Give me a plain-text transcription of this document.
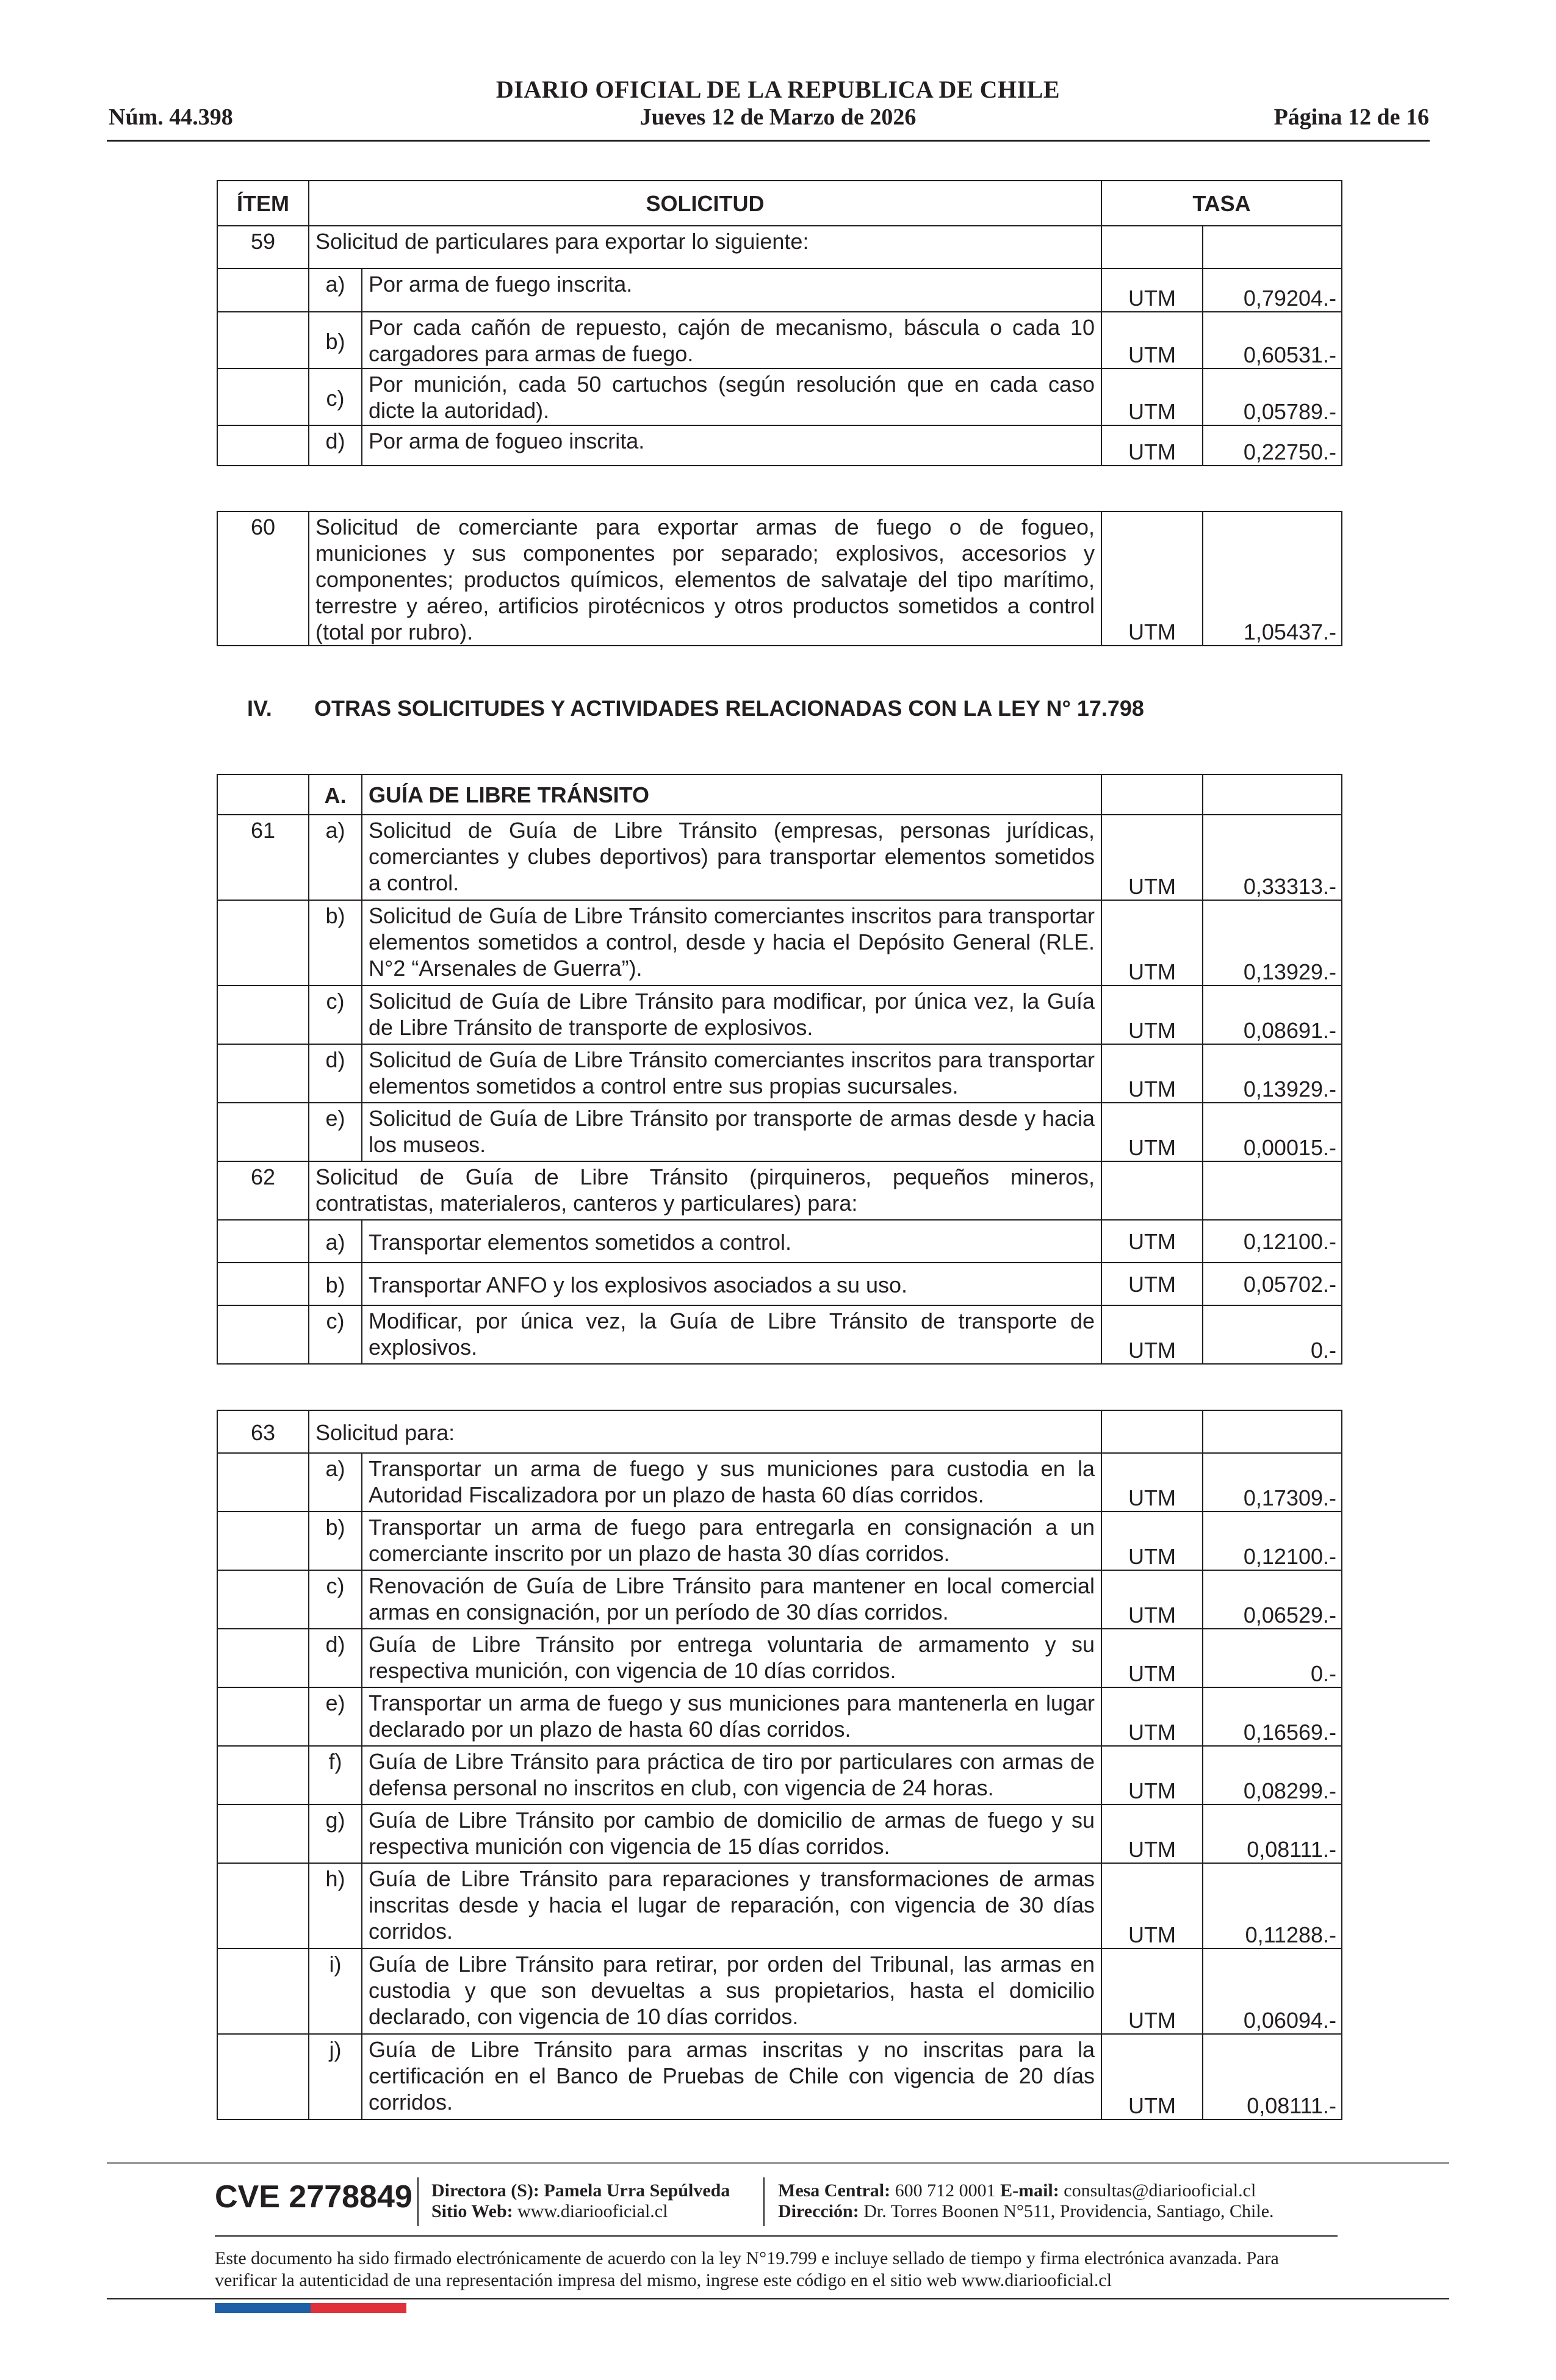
DIARIO OFICIAL DE LA REPUBLICA DE CHILE
Núm. 44.398	Jueves 12 de Marzo de 2026	Página 12 de 16
ÍTEM	SOLICITUD		TASA	
59	Solicitud de particulares para exportar lo siguiente:			
	a)	Por arma de fuego inscrita.	UTM	0,79204.-
	b)	Por cada cañón de repuesto, cajón de mecanismo, báscula o cada 10 cargadores para armas de fuego.	UTM	0,60531.-
	c)	Por munición, cada 50 cartuchos (según resolución que en cada caso dicte la autoridad).	UTM	0,05789.-
	d)	Por arma de fogueo inscrita.	UTM	0,22750.-
60	Solicitud de comerciante para exportar armas de fuego o de fogueo, municiones y sus componentes por separado; explosivos, accesorios y componentes; productos químicos, elementos de salvataje del tipo marítimo, terrestre y aéreo, artificios pirotécnicos y otros productos sometidos a control (total por rubro).	UTM	1,05437.-
IV. OTRAS SOLICITUDES Y ACTIVIDADES RELACIONADAS CON LA LEY N° 17.798
	A.	GUÍA DE LIBRE TRÁNSITO		
61	a)	Solicitud de Guía de Libre Tránsito (empresas, personas jurídicas, comerciantes y clubes deportivos) para transportar elementos sometidos a control.	UTM	0,33313.-
	b)	Solicitud de Guía de Libre Tránsito comerciantes inscritos para transportar elementos sometidos a control, desde y hacia el Depósito General (RLE. N°2 “Arsenales de Guerra”).	UTM	0,13929.-
	c)	Solicitud de Guía de Libre Tránsito para modificar, por única vez, la Guía de Libre Tránsito de transporte de explosivos.	UTM	0,08691.-
	d)	Solicitud de Guía de Libre Tránsito comerciantes inscritos para transportar elementos sometidos a control entre sus propias sucursales.	UTM	0,13929.-
	e)	Solicitud de Guía de Libre Tránsito por transporte de armas desde y hacia los museos.	UTM	0,00015.-
62	Solicitud de Guía de Libre Tránsito (pirquineros, pequeños mineros, contratistas, materialeros, canteros y particulares) para:			
	a)	Transportar elementos sometidos a control.	UTM	0,12100.-
	b)	Transportar ANFO y los explosivos asociados a su uso.	UTM	0,05702.-
	c)	Modificar, por única vez, la Guía de Libre Tránsito de transporte de explosivos.	UTM	0.-
63	Solicitud para:			
	a)	Transportar un arma de fuego y sus municiones para custodia en la Autoridad Fiscalizadora por un plazo de hasta 60 días corridos.	UTM	0,17309.-
	b)	Transportar un arma de fuego para entregarla en consignación a un comerciante inscrito por un plazo de hasta 30 días corridos.	UTM	0,12100.-
	c)	Renovación de Guía de Libre Tránsito para mantener en local comercial armas en consignación, por un período de 30 días corridos.	UTM	0,06529.-
	d)	Guía de Libre Tránsito por entrega voluntaria de armamento y su respectiva munición, con vigencia de 10 días corridos.	UTM	0.-
	e)	Transportar un arma de fuego y sus municiones para mantenerla en lugar declarado por un plazo de hasta 60 días corridos.	UTM	0,16569.-
	f)	Guía de Libre Tránsito para práctica de tiro por particulares con armas de defensa personal no inscritos en club, con vigencia de 24 horas.	UTM	0,08299.-
	g)	Guía de Libre Tránsito por cambio de domicilio de armas de fuego y su respectiva munición con vigencia de 15 días corridos.	UTM	0,08111.-
	h)	Guía de Libre Tránsito para reparaciones y transformaciones de armas inscritas desde y hacia el lugar de reparación, con vigencia de 30 días corridos.	UTM	0,11288.-
	i)	Guía de Libre Tránsito para retirar, por orden del Tribunal, las armas en custodia y que son devueltas a sus propietarios, hasta el domicilio declarado, con vigencia de 10 días corridos.	UTM	0,06094.-
	j)	Guía de Libre Tránsito para armas inscritas y no inscritas para la certificación en el Banco de Pruebas de Chile con vigencia de 20 días corridos.	UTM	0,08111.-
CVE 2778849 Directora (S): Pamela Urra Sepúlveda
Sitio Web: www.diariooficial.cl
Mesa Central: 600 712 0001 E-mail: consultas@diariooficial.cl
Dirección: Dr. Torres Boonen N°511, Providencia, Santiago, Chile.
Este documento ha sido firmado electrónicamente de acuerdo con la ley N°19.799 e incluye sellado de tiempo y firma electrónica avanzada. Para verificar la autenticidad de una representación impresa del mismo, ingrese este código en el sitio web www.diariooficial.cl
